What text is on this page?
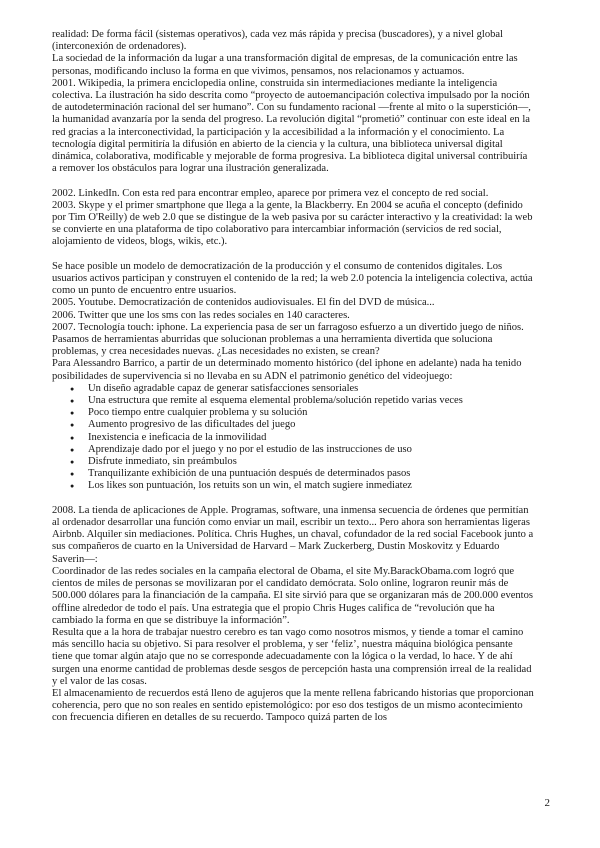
realidad: De forma fácil (sistemas operativos), cada vez más rápida y precisa (buscadores), y a nivel global (interconexión de ordenadores).

La sociedad de la información da lugar a una transformación digital de empresas, de la comunicación entre las personas, modificando incluso la forma en que vivimos, pensamos, nos relacionamos y actuamos.

2001. Wikipedia, la primera enciclopedia online, construida sin intermediaciones mediante la inteligencia colectiva. La ilustración ha sido descrita como “proyecto de autoemancipación colectiva impulsado por la noción de autodeterminación racional del ser humano”. Con su fundamento racional —frente al mito o la superstición—, la humanidad avanzaría por la senda del progreso. La revolución digital “prometió” continuar con este ideal en la red gracias a la interconectividad, la participación y la accesibilidad a la información y el conocimiento. La tecnología digital permitiría la difusión en abierto de la ciencia y la cultura, una biblioteca universal digital dinámica, colaborativa, modificable y mejorable de forma progresiva. La biblioteca digital universal contribuiría a remover los obstáculos para lograr una ilustración generalizada.

2002. LinkedIn. Con esta red para encontrar empleo, aparece por primera vez el concepto de red social.

2003. Skype y el primer smartphone que llega a la gente, la Blackberry. En 2004 se acuña el concepto (definido por Tim O'Reilly) de web 2.0 que se distingue de la web pasiva por su carácter interactivo y la creatividad: la web se convierte en una plataforma de tipo colaborativo para intercambiar información (servicios de red social, alojamiento de videos, blogs, wikis, etc.).

Se hace posible un modelo de democratización de la producción y el consumo de contenidos digitales. Los usuarios activos participan y construyen el contenido de la red; la web 2.0 potencia la inteligencia colectiva, actúa como un punto de encuentro entre usuarios.

2005. Youtube. Democratización de contenidos audiovisuales. El fin del DVD de música...

2006. Twitter que une los sms con las redes sociales en 140 caracteres.

2007. Tecnología touch: iphone. La experiencia pasa de ser un farragoso esfuerzo a un divertido juego de niños. Pasamos de herramientas aburridas que solucionan problemas a una herramienta divertida que soluciona problemas, y crea necesidades nuevas. ¿Las necesidades no existen, se crean?

Para Alessandro Barrico, a partir de un determinado momento histórico (del iphone en adelante) nada ha tenido posibilidades de supervivencia si no llevaba en su ADN el patrimonio genético del videojuego:

● Un diseño agradable capaz de generar satisfacciones sensoriales
● Una estructura que remite al esquema elemental problema/solución repetido varias veces
● Poco tiempo entre cualquier problema y su solución
● Aumento progresivo de las dificultades del juego
● Inexistencia e ineficacia de la inmovilidad
● Aprendizaje dado por el juego y no por el estudio de las instrucciones de uso
● Disfrute inmediato, sin preámbulos
● Tranquilizante exhibición de una puntuación después de determinados pasos
● Los likes son puntuación, los retuits son un win, el match sugiere inmediatez

2008. La tienda de aplicaciones de Apple. Programas, software, una inmensa secuencia de órdenes que permitían al ordenador desarrollar una función como enviar un mail, escribir un texto... Pero ahora son herramientas ligeras Airbnb. Alquiler sin mediaciones. Política. Chris Hughes, un chaval, cofundador de la red social Facebook junto a sus compañeros de cuarto en la Universidad de Harvard – Mark Zuckerberg, Dustin Moskovitz y Eduardo Saverin—:

Coordinador de las redes sociales en la campaña electoral de Obama, el site My.BarackObama.com logró que cientos de miles de personas se movilizaran por el candidato demócrata. Solo online, lograron reunir más de 500.000 dólares para la financiación de la campaña. El site sirvió para que se organizaran más de 200.000 eventos offline alrededor de todo el país. Una estrategia que el propio Chris Huges califica de “revolución que ha cambiado la forma en que se distribuye la información”.

Resulta que a la hora de trabajar nuestro cerebro es tan vago como nosotros mismos, y tiende a tomar el camino más sencillo hacia su objetivo. Si para resolver el problema, y ser ‘feliz’, nuestra máquina biológica pensante tiene que tomar algún atajo que no se corresponde adecuadamente con la lógica o la verdad, lo hace. Y de ahí surgen una enorme cantidad de problemas desde sesgos de percepción hasta una comprensión irreal de la realidad y el valor de las cosas.

El almacenamiento de recuerdos está lleno de agujeros que la mente rellena fabricando historias que proporcionan coherencia, pero que no son reales en sentido epistemológico: por eso dos testigos de un mismo acontecimiento con frecuencia difieren en detalles de su recuerdo. Tampoco quizá parten de los

2
